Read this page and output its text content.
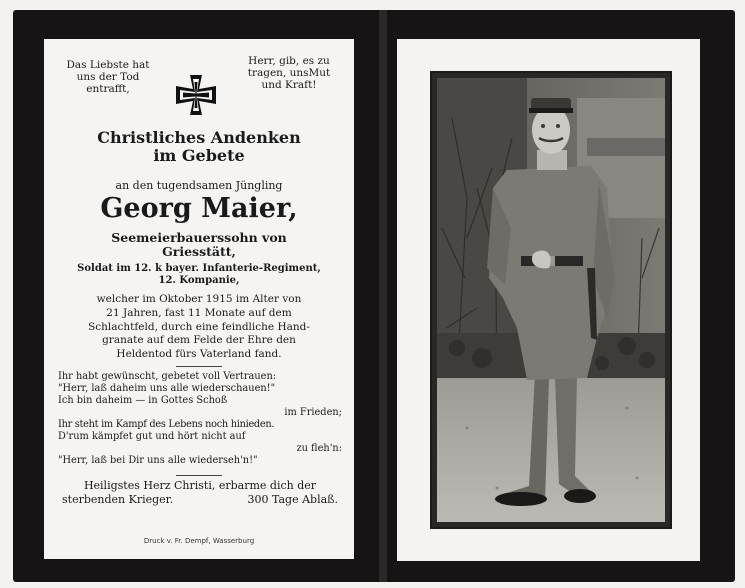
Das Liebste hat
uns der Tod
entrafft,
Herr, gib, es zu
tragen, unsMut
und Kraft!
Christliches Andenken
im Gebete
an den tugendsamen Jüngling
Georg Maier,
Seemeierbauerssohn von
Griesstätt,
Soldat im 12. k bayer. Infanterie-Regiment,
12. Kompanie,
welcher im Oktober 1915 im Alter von
21 Jahren, fast 11 Monate auf dem
Schlachtfeld, durch eine feindliche Hand-
granate auf dem Felde der Ehre den
Heldentod fürs Vaterland fand.
Ihr habt gewünscht, gebetet voll Vertrauen:
"Herr, laß daheim uns alle wiederschauen!"
Ich bin daheim — in Gottes Schoß
im Frieden;
Ihr steht im Kampf des Lebens noch hinieden.
D'rum kämpfet gut und hört nicht auf
zu fleh'n:
"Herr, laß bei Dir uns alle wiederseh'n!"
Heiligstes Herz Christi, erbarme dich der
sterbenden Krieger.	300 Tage Ablaß.
Druck v. Fr. Dempf, Wasserburg
